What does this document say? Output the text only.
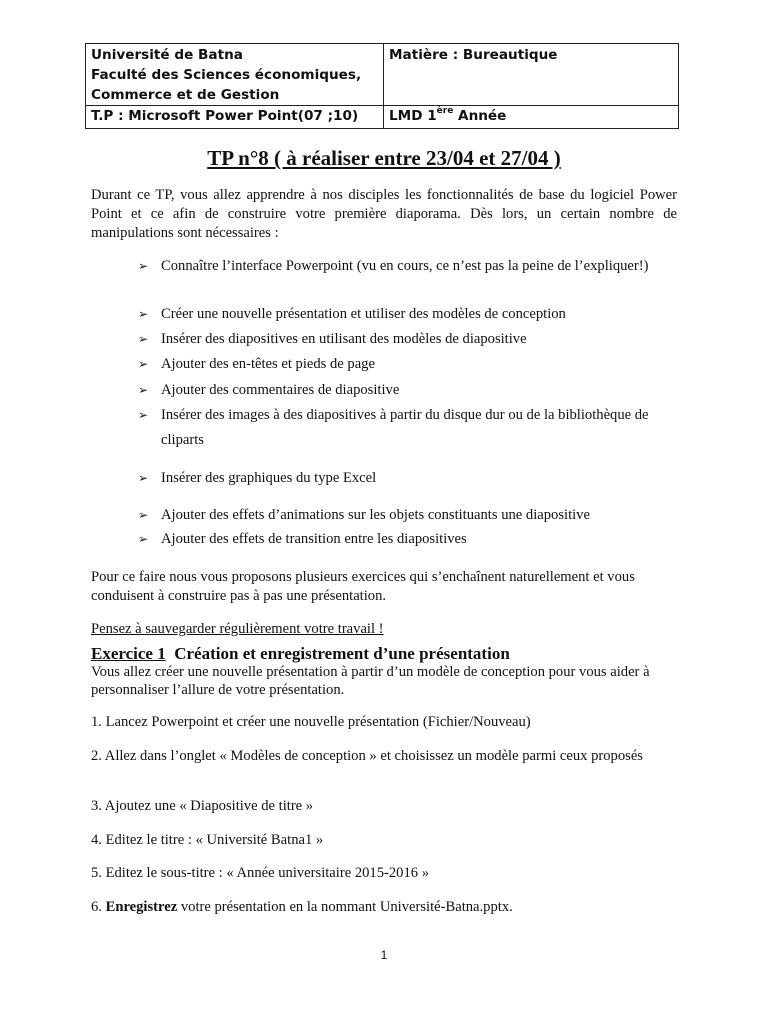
Université de Batna
Faculté des Sciences économiques,
Commerce et de Gestion	Matière : Bureautique
T.P : Microsoft Power Point(07 ;10)	LMD 1ère Année
TP n°8 ( à réaliser entre 23/04 et 27/04 )
Durant ce TP, vous allez apprendre à nos disciples les fonctionnalités de base du logiciel Power Point et ce afin de construire votre première diaporama. Dès lors, un certain nombre de manipulations sont nécessaires :
➢ Connaître l’interface Powerpoint (vu en cours, ce n’est pas la peine de l’expliquer!)
➢ Créer une nouvelle présentation et utiliser des modèles de conception
➢ Insérer des diapositives en utilisant des modèles de diapositive
➢ Ajouter des en-têtes et pieds de page
➢ Ajouter des commentaires de diapositive
➢ Insérer des images à des diapositives à partir du disque dur ou de la bibliothèque de cliparts
➢ Insérer des graphiques du type Excel
➢ Ajouter des effets d’animations sur les objets constituants une diapositive
➢ Ajouter des effets de transition entre les diapositives
Pour ce faire nous vous proposons plusieurs exercices qui s’enchaînent naturellement et vous conduisent à construire pas à pas une présentation.
Pensez à sauvegarder régulièrement votre travail !
Exercice 1 Création et enregistrement d’une présentation
Vous allez créer une nouvelle présentation à partir d’un modèle de conception pour vous aider à personnaliser l’allure de votre présentation.
1. Lancez Powerpoint et créer une nouvelle présentation (Fichier/Nouveau)
2. Allez dans l’onglet « Modèles de conception » et choisissez un modèle parmi ceux proposés
3. Ajoutez une « Diapositive de titre »
4. Editez le titre : « Université Batna1 »
5. Editez le sous-titre : « Année universitaire 2015-2016 »
6. Enregistrez votre présentation en la nommant Université-Batna.pptx.
1
